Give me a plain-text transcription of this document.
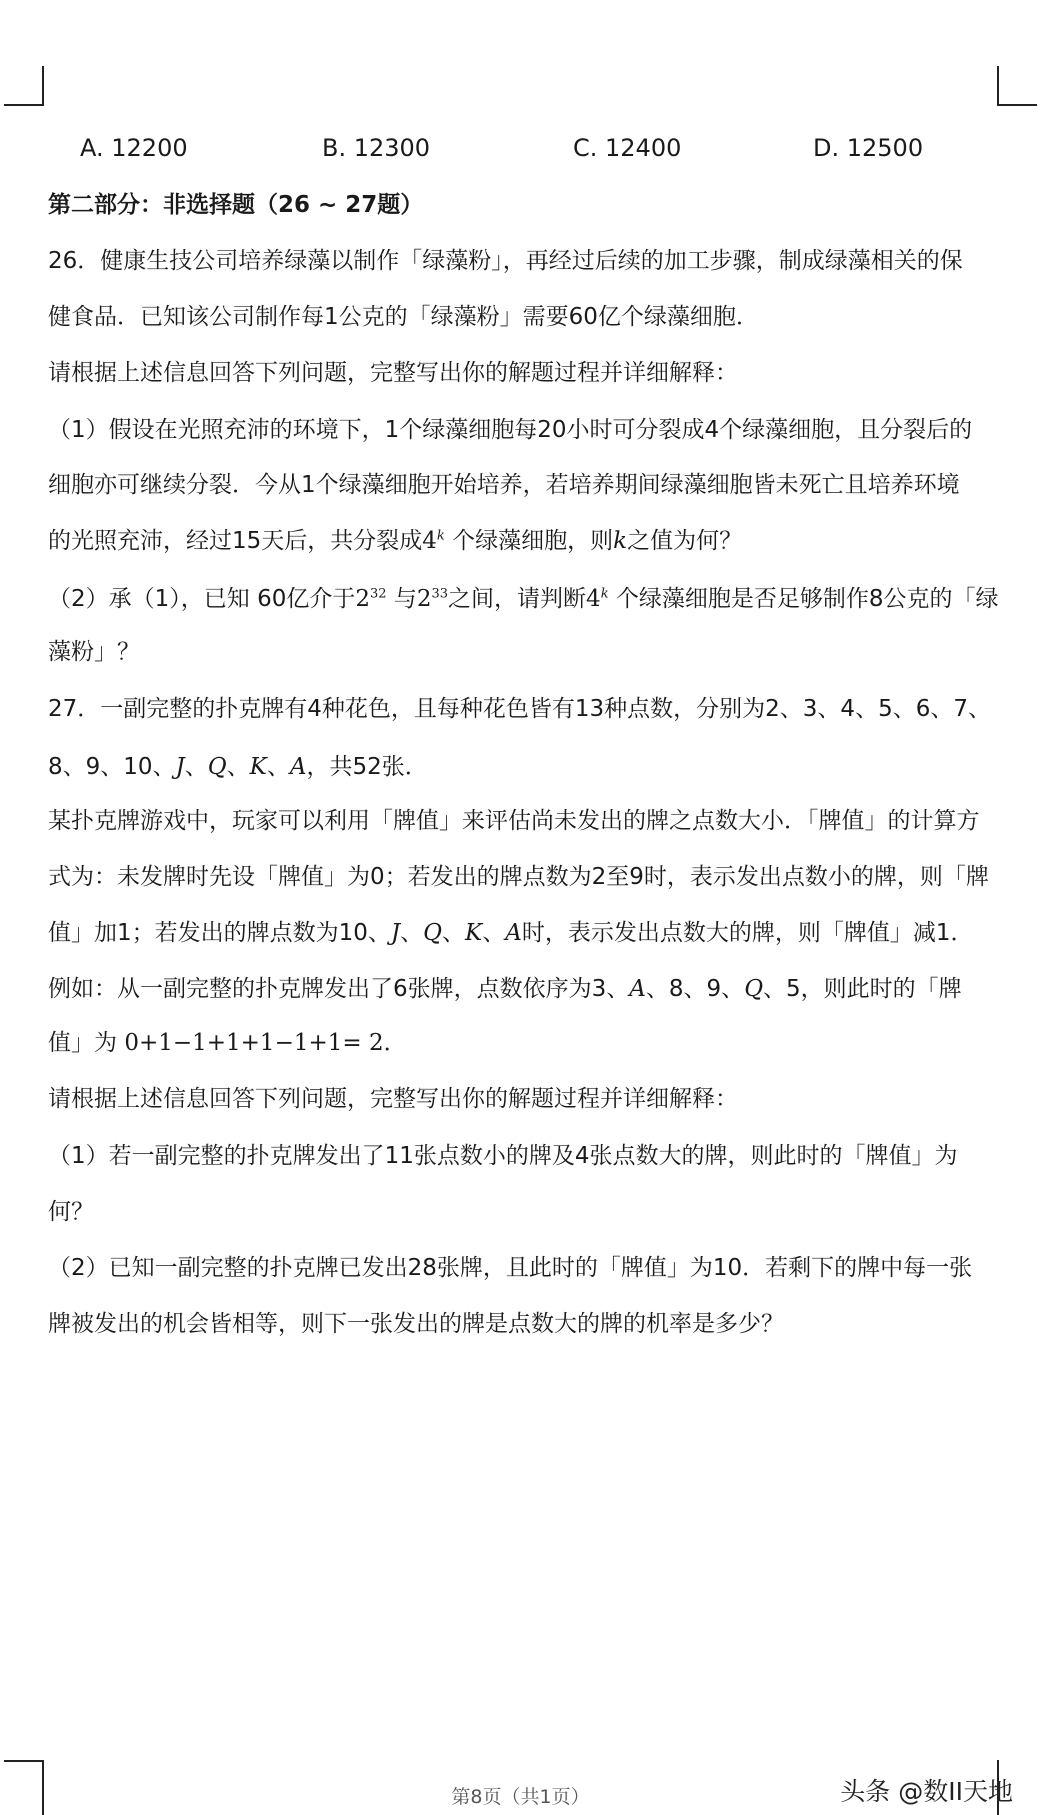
A. 12200	B. 12300	C. 12400	D. 12500
第二部分：非选择题（26 ~ 27题）
26．健康生技公司培养绿藻以制作「绿藻粉」，再经过后续的加工步骤，制成绿藻相关的保
健食品．已知该公司制作每1公克的「绿藻粉」需要60亿个绿藻细胞．
请根据上述信息回答下列问题，完整写出你的解题过程并详细解释：
（1）假设在光照充沛的环境下，1个绿藻细胞每20小时可分裂成4个绿藻细胞，且分裂后的
细胞亦可继续分裂．今从1个绿藻细胞开始培养，若培养期间绿藻细胞皆未死亡且培养环境
的光照充沛，经过15天后，共分裂成4$^k$ 个绿藻细胞，则k之值为何？
（2）承（1），已知 60亿介于$2^{32}$ 与$2^{33}$之间，请判断4$^k$ 个绿藻细胞是否足够制作8公克的「绿
藻粉」？
27．一副完整的扑克牌有4种花色，且每种花色皆有13种点数，分别为2、3、4、5、6、7、
8、9、10、J、Q、K、A，共52张．
某扑克牌游戏中，玩家可以利用「牌值」来评估尚未发出的牌之点数大小．「牌值」的计算方
式为：未发牌时先设「牌值」为0；若发出的牌点数为2至9时，表示发出点数小的牌，则「牌
值」加1；若发出的牌点数为10、J、Q、K、A时，表示发出点数大的牌，则「牌值」减1．
例如：从一副完整的扑克牌发出了6张牌，点数依序为3、A、8、9、Q、5，则此时的「牌
值」为 0+1−1+1+1−1+1= 2．
请根据上述信息回答下列问题，完整写出你的解题过程并详细解释：
（1）若一副完整的扑克牌发出了11张点数小的牌及4张点数大的牌，则此时的「牌值」为
何？
（2）已知一副完整的扑克牌已发出28张牌，且此时的「牌值」为10．若剩下的牌中每一张
牌被发出的机会皆相等，则下一张发出的牌是点数大的牌的机率是多少？
第8页（共1页）	头条 @数II天地
